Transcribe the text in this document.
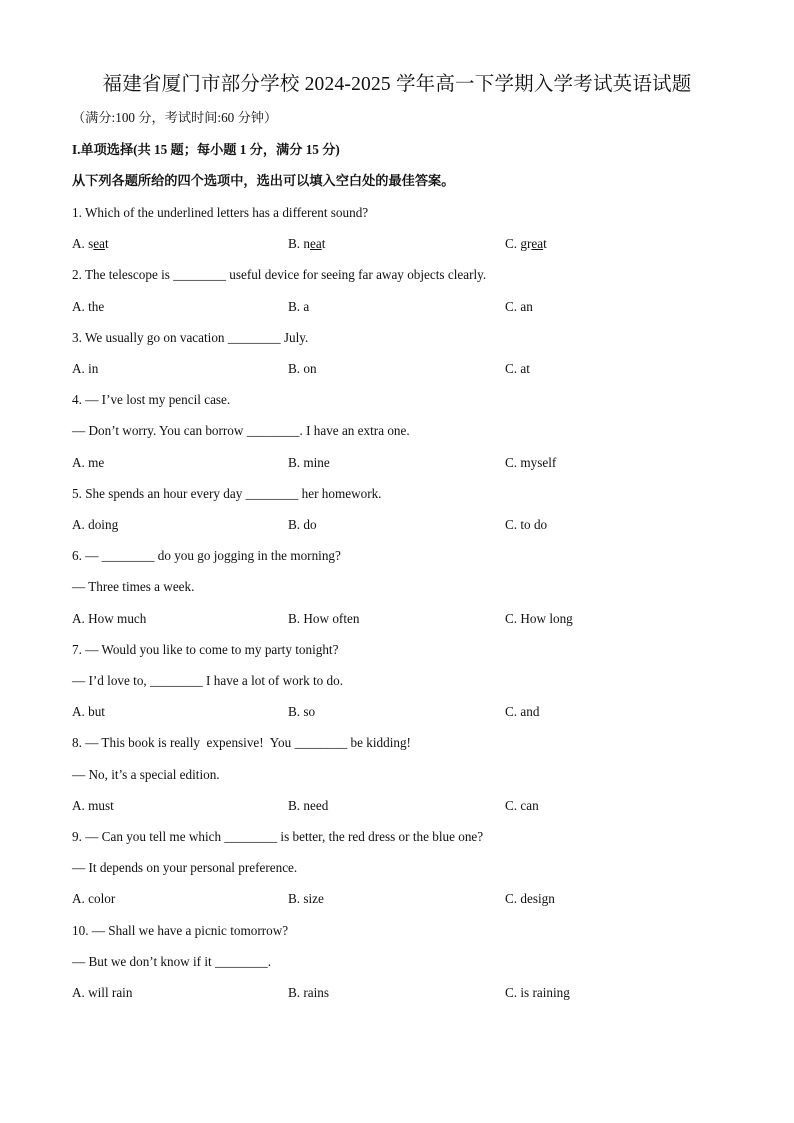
福建省厦门市部分学校 2024-2025 学年高一下学期入学考试英语试题
（满分:100 分，考试时间:60 分钟）
I.单项选择(共 15 题；每小题 1 分，满分 15 分)
从下列各题所给的四个选项中，选出可以填入空白处的最佳答案。
1. Which of the underlined letters has a different sound?
A. seat	B. neat	C. great
2. The telescope is ________ useful device for seeing far away objects clearly.
A. the	B. a	C. an
3. We usually go on vacation ________ July.
A. in	B. on	C. at
4. — I’ve lost my pencil case.
— Don’t worry. You can borrow ________. I have an extra one.
A. me	B. mine	C. myself
5. She spends an hour every day ________ her homework.
A. doing	B. do	C. to do
6. — ________ do you go jogging in the morning?
— Three times a week.
A. How much	B. How often	C. How long
7. — Would you like to come to my party tonight?
— I’d love to, ________ I have a lot of work to do.
A. but	B. so	C. and
8. — This book is really  expensive!  You ________ be kidding!
— No, it’s a special edition.
A. must	B. need	C. can
9. — Can you tell me which ________ is better, the red dress or the blue one?
— It depends on your personal preference.
A. color	B. size	C. design
10. — Shall we have a picnic tomorrow?
— But we don’t know if it ________.
A. will rain	B. rains	C. is raining
